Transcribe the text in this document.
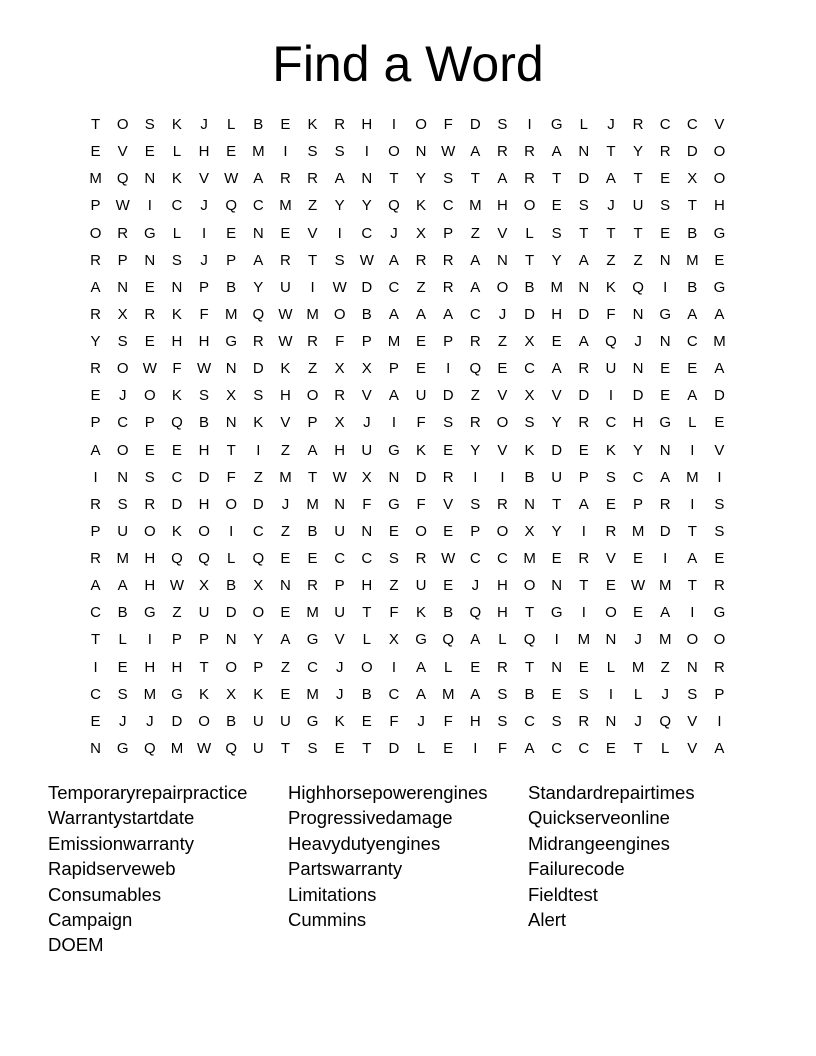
Find a Word
T	O	S	K	J	L	B	E	K	R	H	I	O	F	D	S	I	G	L	J	R	C	C	V
E	V	E	L	H	E	M	I	S	S	I	O	N W	A	R	R	A	N	T	Y	R	D	O
M	Q	N	K	V	W	A	R	R	A	N	T	Y	S	T	A	R	T	D	A	T	E	X	O
P	W	I	C	J	Q	C	M	Z	Y	Y	Q	K	C	M	H	O	E	S	J	U	S	T	H
O	R	G	L	I	E	N	E	V	I	C	J	X	P	Z	V	L	S	T	T	T	E	B	G
R	P	N	S	J	P	A	R	T	S	W	A	R	R	A	N	T	Y	A	Z	Z	N	M	E
A	N	E	N	P	B	Y	U	I	W D	C	Z	R	A	O	B	M	N	K	Q	I	B	G
R	X	R	K	F	M	Q W M	O	B	A	A	A	C	J	D	H	D	F	N	G	A	A
Y	S	E	H	H	G	R W R	F	P	M	E	P	R	Z	X	E	A	Q	J	N	C	M
R	O W	F	W N	D	K	Z	X	X	P	E	I	Q	E	C	A	R	U	N	E	E	A
E	J	O	K	S	X	S	H	O	R	V	A	U	D	Z	V	X	V	D	I	D	E	A	D
P	C	P	Q	B	N	K	V	P	X	J	I	F	S	R	O	S	Y	R	C	H	G	L	E
A	O	E	E	H	T	I	Z	A	H	U	G	K	E	Y	V	K	D	E	K	Y	N	I	V
I	N	S	C	D	F	Z	M	T	W	X	N	D	R	I	I	B	U	P	S	C	A	M	I
R	S	R	D	H	O	D	J	M	N	F	G	F	V	S	R	N	T	A	E	P	R	I	S
P	U	O	K	O	I	C	Z	B	U	N	E	O	E	P	O	X	Y	I	R	M	D	T	S
R	M	H	Q	Q	L	Q	E	E	C	C	S	R W C	C	M	E	R	V	E	I	A	E
A	A	H W	X	B	X	N	R	P	H	Z	U	E	J	H	O	N	T	E	W M	T	R
C	B	G	Z	U	D	O	E	M	U	T	F	K	B	Q	H	T	G	I	O	E	A	I	G
T	L	I	P	P	N	Y	A	G	V	L	X	G	Q	A	L	Q	I	M	N	J	M	O	O
I	E	H	H	T	O	P	Z	C	J	O	I	A	L	E	R	T	N	E	L	M	Z	N	R
C	S	M	G	K	X	K	E	M	J	B	C	A	M	A	S	B	E	S	I	L	J	S	P
E	J	J	D	O	B	U	U	G	K	E	F	J	F	H	S	C	S	R	N	J	Q	V	I
N	G	Q	M W Q	U	T	S	E	T	D	L	E	I	F	A	C	C	E	T	L	V	A
Temporaryrepairpractice
Warrantystartdate
Emissionwarranty
Rapidserveweb
Consumables
Campaign
DOEM
Highhorsepowerengines
Progressivedamage
Heavydutyengines
Partswarranty
Limitations
Cummins
Standardrepairtimes
Quickserveonline
Midrangeengines
Failurecode
Fieldtest
Alert
